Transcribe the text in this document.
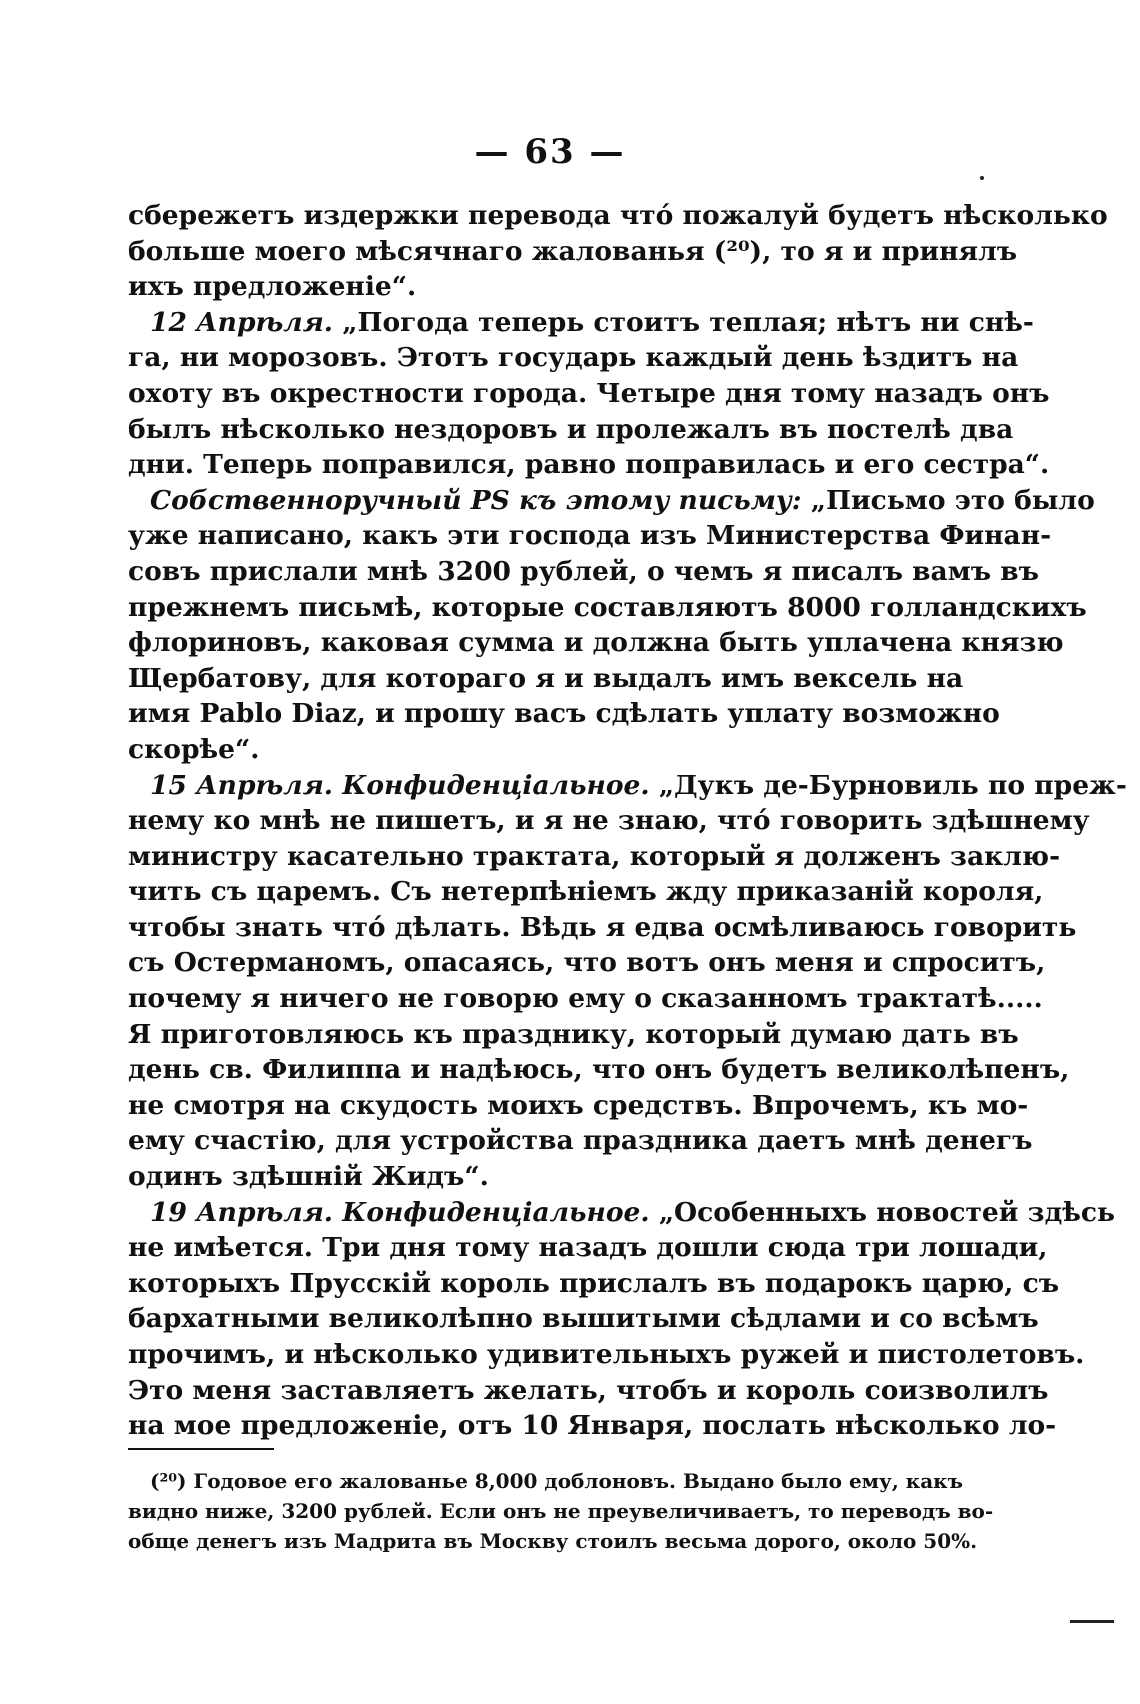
— 63 —
сбережетъ издержки перевода чтó пожалуй будетъ нѣсколько
больше моего мѣсячнаго жалованья (²⁰), то я и принялъ
ихъ предложеніе“.
12 Апрѣля. „Погода теперь стоитъ теплая; нѣтъ ни снѣ-
га, ни морозовъ. Этотъ государь каждый день ѣздитъ на
охоту въ окрестности города. Четыре дня тому назадъ онъ
былъ нѣсколько нездоровъ и пролежалъ въ постелѣ два
дни. Теперь поправился, равно поправилась и его сестра“.
Собственноручный PS къ этому письму: „Письмо это было
уже написано, какъ эти господа изъ Министерства Финан-
совъ прислали мнѣ 3200 рублей, о чемъ я писалъ вамъ въ
прежнемъ письмѣ, которые составляютъ 8000 голландскихъ
флориновъ, каковая сумма и должна быть уплачена князю
Щербатову, для котораго я и выдалъ имъ вексель на
имя Pablo Diaz, и прошу васъ сдѣлать уплату возможно
скорѣе“.
15 Апрѣля. Конфиденціальное. „Дукъ де-Бурновиль по преж-
нему ко мнѣ не пишетъ, и я не знаю, чтó говорить здѣшнему
министру касательно трактата, который я долженъ заклю-
чить съ царемъ. Съ нетерпѣніемъ жду приказаній короля,
чтобы знать чтó дѣлать. Вѣдь я едва осмѣливаюсь говорить
съ Остерманомъ, опасаясь, что вотъ онъ меня и спроситъ,
почему я ничего не говорю ему о сказанномъ трактатѣ.....
Я приготовляюсь къ празднику, который думаю дать въ
день св. Филиппа и надѣюсь, что онъ будетъ великолѣпенъ,
не смотря на скудость моихъ средствъ. Впрочемъ, къ мо-
ему счастію, для устройства праздника даетъ мнѣ денегъ
одинъ здѣшній Жидъ“.
19 Апрѣля. Конфиденціальное. „Особенныхъ новостей здѣсь
не имѣется. Три дня тому назадъ дошли сюда три лошади,
которыхъ Прусскій король прислалъ въ подарокъ царю, съ
бархатными великолѣпно вышитыми сѣдлами и со всѣмъ
прочимъ, и нѣсколько удивительныхъ ружей и пистолетовъ.
Это меня заставляетъ желать, чтобъ и король соизволилъ
на мое предложеніе, отъ 10 Января, послать нѣсколько ло-
(²⁰) Годовое его жалованье 8,000 доблоновъ. Выдано было ему, какъ
видно ниже, 3200 рублей. Если онъ не преувеличиваетъ, то переводъ во-
обще денегъ изъ Мадрита въ Москву стоилъ весьма дорого, около 50%.
